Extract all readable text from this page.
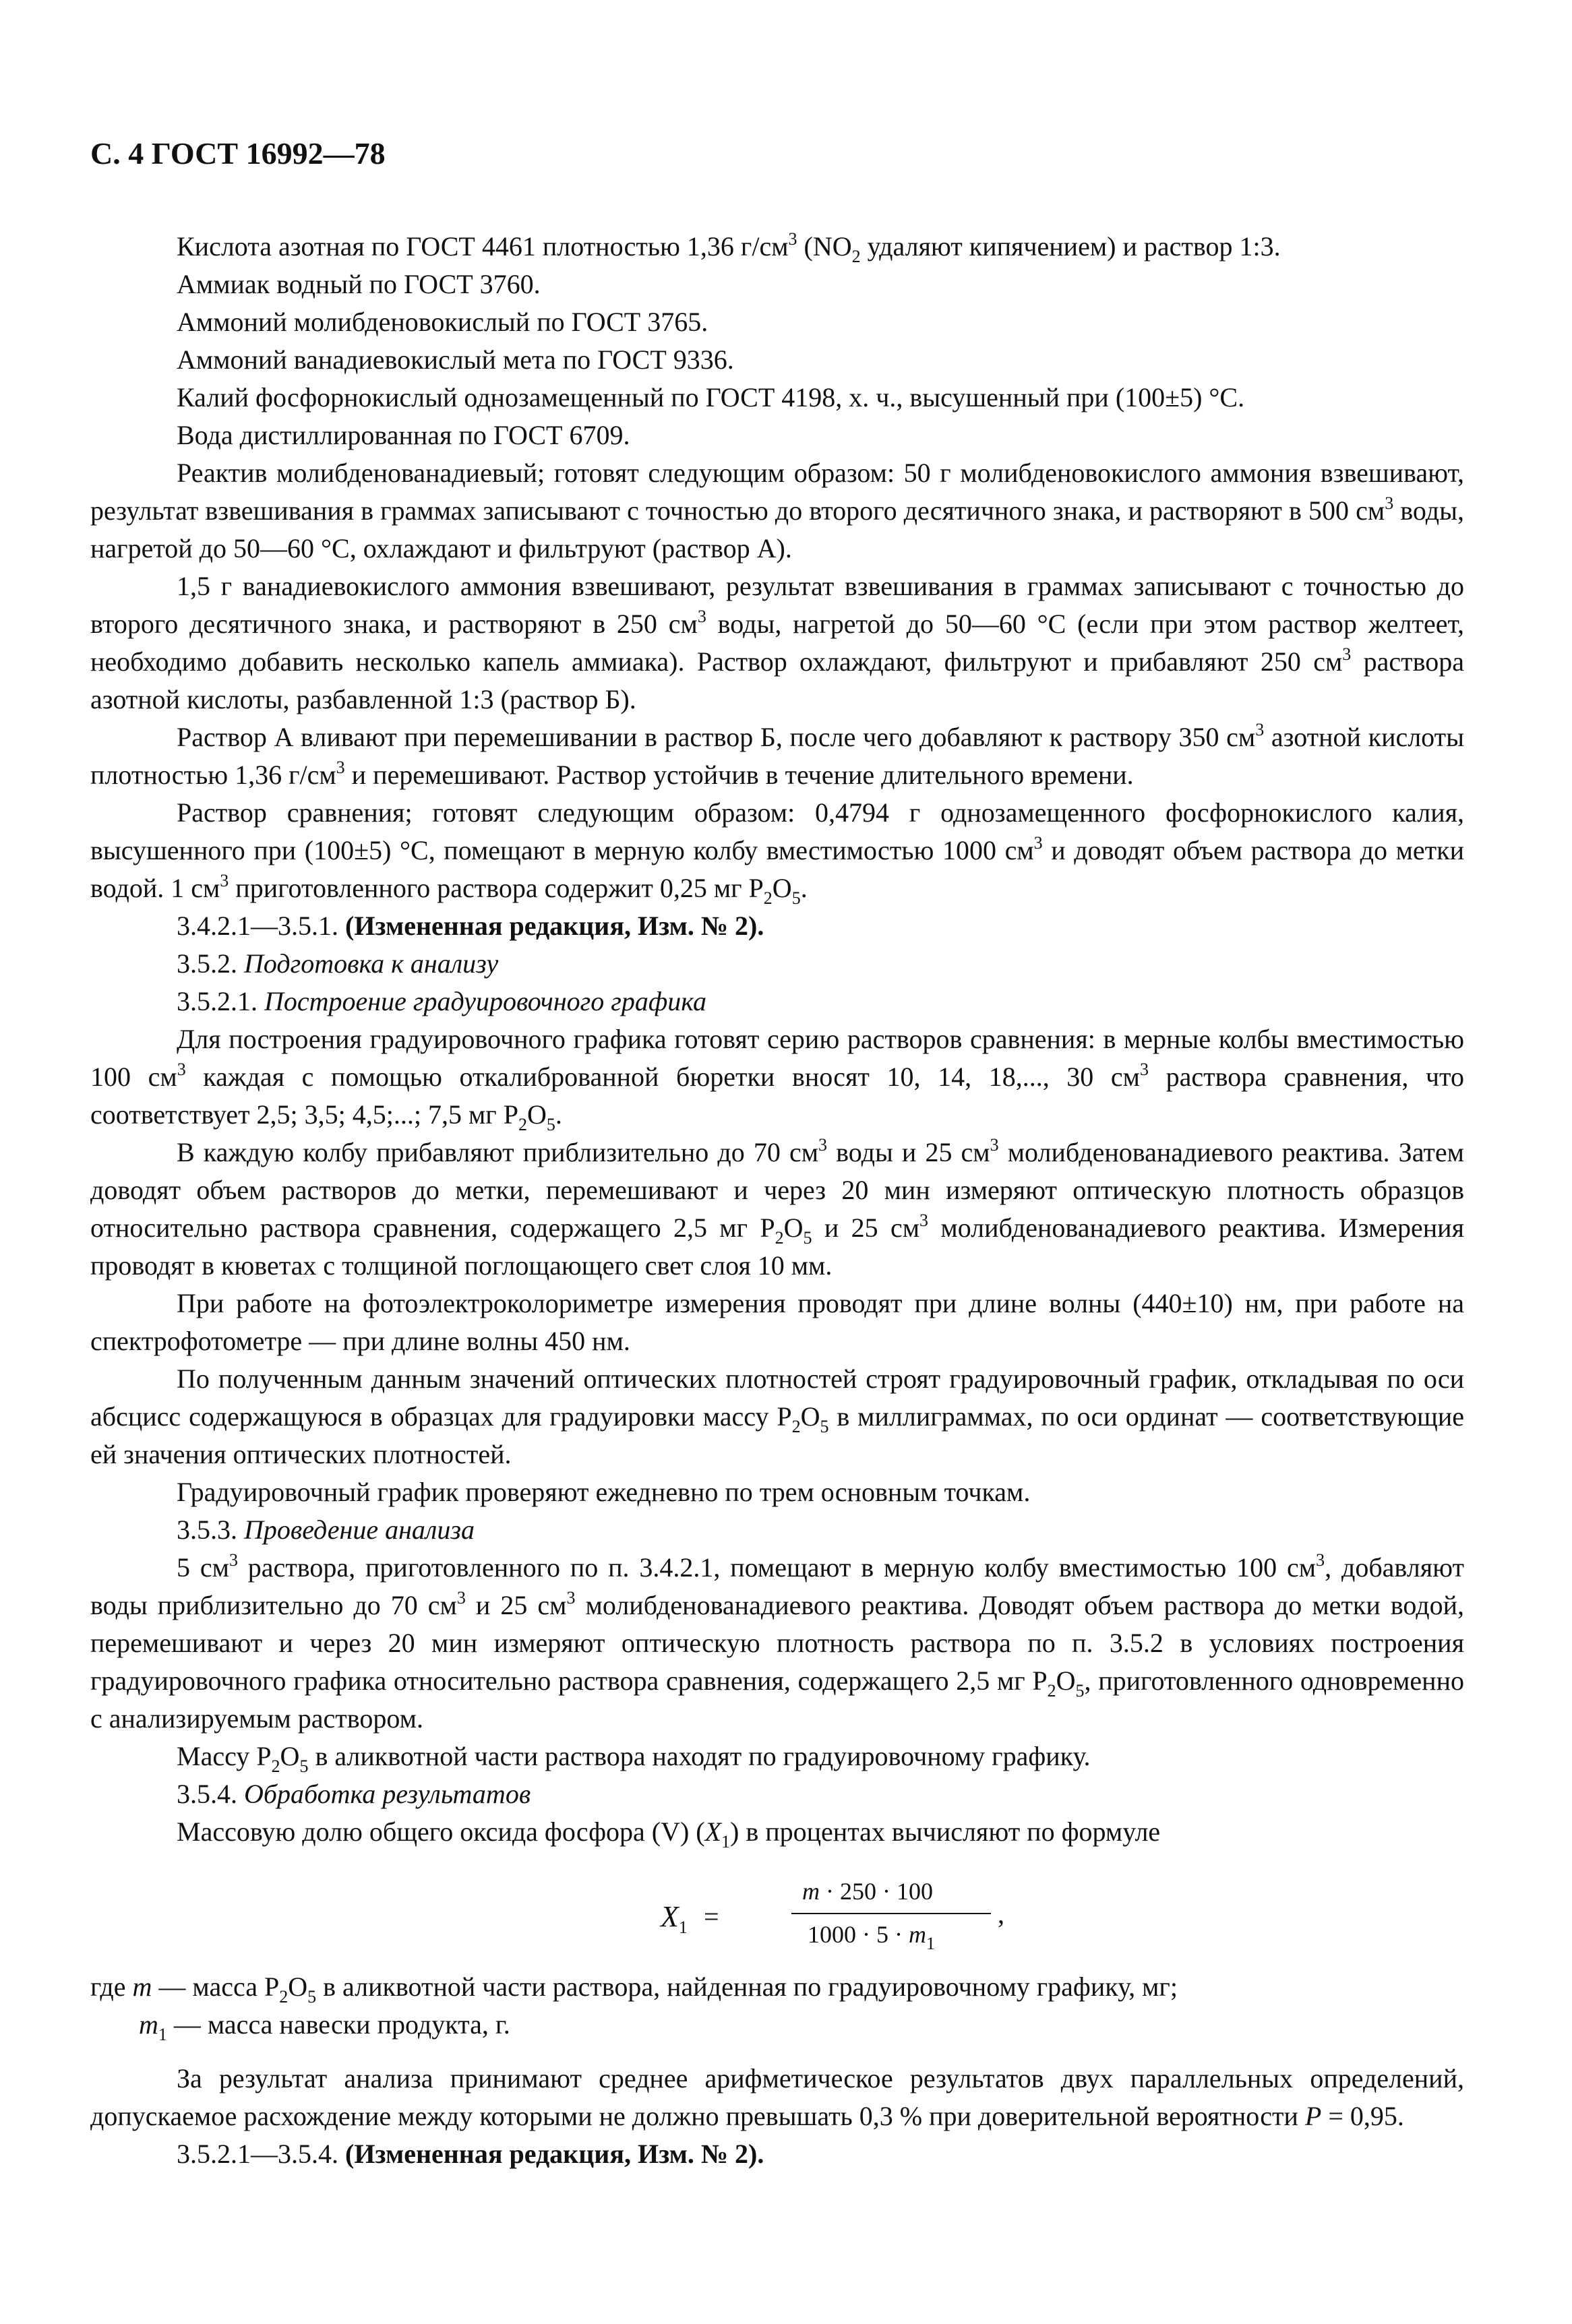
С. 4 ГОСТ 16992—78

Кислота азотная по ГОСТ 4461 плотностью 1,36 $г/см^3$ ($NO_2$ удаляют кипячением) и раствор 1:3.

Аммиак водный по ГОСТ 3760.

Аммоний молибденовокислый по ГОСТ 3765.

Аммоний ванадиевокислый мета по ГОСТ 9336.

Калий фосфорнокислый однозамещенный по ГОСТ 4198, х. ч., высушенный при (100±5) °С.

Вода дистиллированная по ГОСТ 6709.

Реактив молибденованадиевый; готовят следующим образом: 50 г молибденовокислого аммония взвешивают, результат взвешивания в граммах записывают с точностью до второго десятичного знака, и растворяют в 500 $см^3$ воды, нагретой до 50—60 °С, охлаждают и фильтруют (раствор А).

1,5 г ванадиевокислого аммония взвешивают, результат взвешивания в граммах записывают с точностью до второго десятичного знака, и растворяют в 250 $см^3$ воды, нагретой до 50—60 °С (если при этом раствор желтеет, необходимо добавить несколько капель аммиака). Раствор охлаждают, фильтруют и прибавляют 250 $см^3$ раствора азотной кислоты, разбавленной 1:3 (раствор Б).

Раствор А вливают при перемешивании в раствор Б, после чего добавляют к раствору 350 $см^3$ азотной кислоты плотностью 1,36 $г/см^3$ и перемешивают. Раствор устойчив в течение длительного времени.

Раствор сравнения; готовят следующим образом: 0,4794 г однозамещенного фосфорнокислого калия, высушенного при (100±5) °С, помещают в мерную колбу вместимостью 1000 $см^3$ и доводят объем раствора до метки водой. 1 $см^3$ приготовленного раствора содержит 0,25 мг $Р_2О_5$.

3.4.2.1—3.5.1. (Измененная редакция, Изм. № 2).

3.5.2. Подготовка к анализу

3.5.2.1. Построение градуировочного графика

Для построения градуировочного графика готовят серию растворов сравнения: в мерные колбы вместимостью 100 $см^3$ каждая с помощью откалиброванной бюретки вносят 10, 14, 18,..., 30 $см^3$ раствора сравнения, что соответствует 2,5; 3,5; 4,5;...; 7,5 мг $Р_2О_5$.

В каждую колбу прибавляют приблизительно до 70 $см^3$ воды и 25 $см^3$ молибденованадиевого реактива. Затем доводят объем растворов до метки, перемешивают и через 20 мин измеряют оптическую плотность образцов относительно раствора сравнения, содержащего 2,5 мг $Р_2О_5$ и 25 $см^3$ молибденованадиевого реактива. Измерения проводят в кюветах с толщиной поглощающего свет слоя 10 мм.

При работе на фотоэлектроколориметре измерения проводят при длине волны (440±10) нм, при работе на спектрофотометре — при длине волны 450 нм.

По полученным данным значений оптических плотностей строят градуировочный график, откладывая по оси абсцисс содержащуюся в образцах для градуировки массу $Р_2О_5$ в миллиграммах, по оси ординат — соответствующие ей значения оптических плотностей.

Градуировочный график проверяют ежедневно по трем основным точкам.

3.5.3. Проведение анализа

5 $см^3$ раствора, приготовленного по п. 3.4.2.1, помещают в мерную колбу вместимостью 100 $см^3$, добавляют воды приблизительно до 70 $см^3$ и 25 $см^3$ молибденованадиевого реактива. Доводят объем раствора до метки водой, перемешивают и через 20 мин измеряют оптическую плотность раствора по п. 3.5.2 в условиях построения градуировочного графика относительно раствора сравнения, содержащего 2,5 мг $Р_2О_5$, приготовленного одновременно с анализируемым раствором.

Массу $Р_2О_5$ в аликвотной части раствора находят по градуировочному графику.

3.5.4. Обработка результатов

Массовую долю общего оксида фосфора (V) $(X_1)$ в процентах вычисляют по формуле

$X_1$ =
m · 250 · 100
$1000 \cdot 5 \cdot m_1$
,

где m — масса $Р_2О_5$ в аликвотной части раствора, найденная по градуировочному графику, мг;

$m_1$ — масса навески продукта, г.

За результат анализа принимают среднее арифметическое результатов двух параллельных определений, допускаемое расхождение между которыми не должно превышать 0,3 % при доверительной вероятности P = 0,95.

3.5.2.1—3.5.4. (Измененная редакция, Изм. № 2).
